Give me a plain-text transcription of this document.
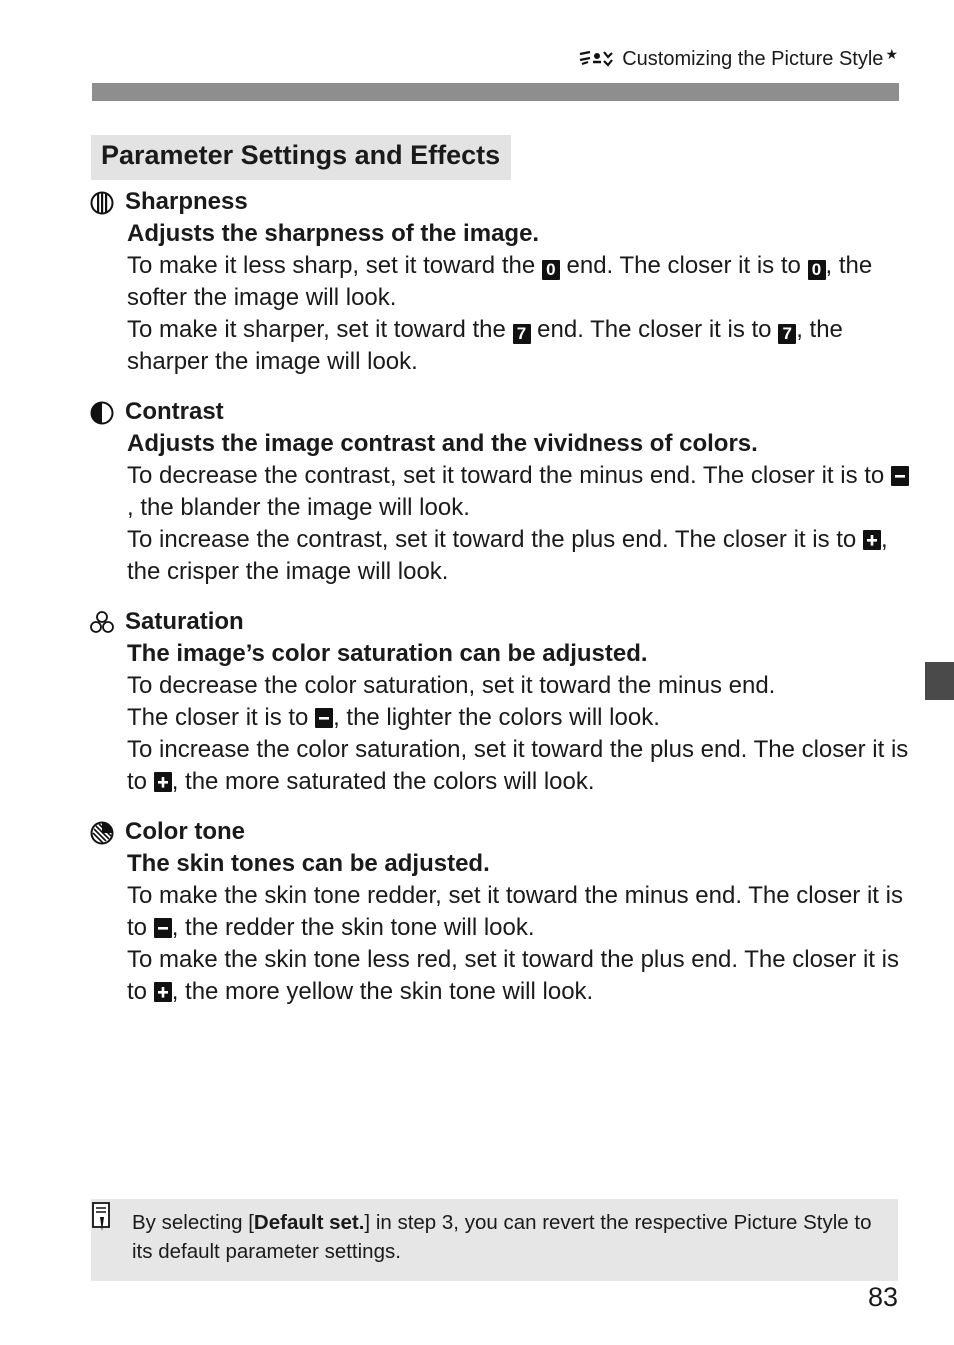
Customizing the Picture Style ★
Parameter Settings and Effects
Sharpness
Adjusts the sharpness of the image.
To make it less sharp, set it toward the 0 end. The closer it is to 0 , the softer the image will look.
To make it sharper, set it toward the 7 end. The closer it is to 7 , the sharper the image will look.
Contrast
Adjusts the image contrast and the vividness of colors.
To decrease the contrast, set it toward the minus end. The closer it is to , the blander the image will look.
To increase the contrast, set it toward the plus end. The closer it is to , the crisper the image will look.
Saturation
The image’s color saturation can be adjusted.
To decrease the color saturation, set it toward the minus end.
The closer it is to , the lighter the colors will look.
To increase the color saturation, set it toward the plus end. The closer it is to , the more saturated the colors will look.
Color tone
The skin tones can be adjusted.
To make the skin tone redder, set it toward the minus end. The closer it is to , the redder the skin tone will look.
To make the skin tone less red, set it toward the plus end. The closer it is to , the more yellow the skin tone will look.
By selecting [Default set.] in step 3, you can revert the respective Picture Style to its default parameter settings.
83
